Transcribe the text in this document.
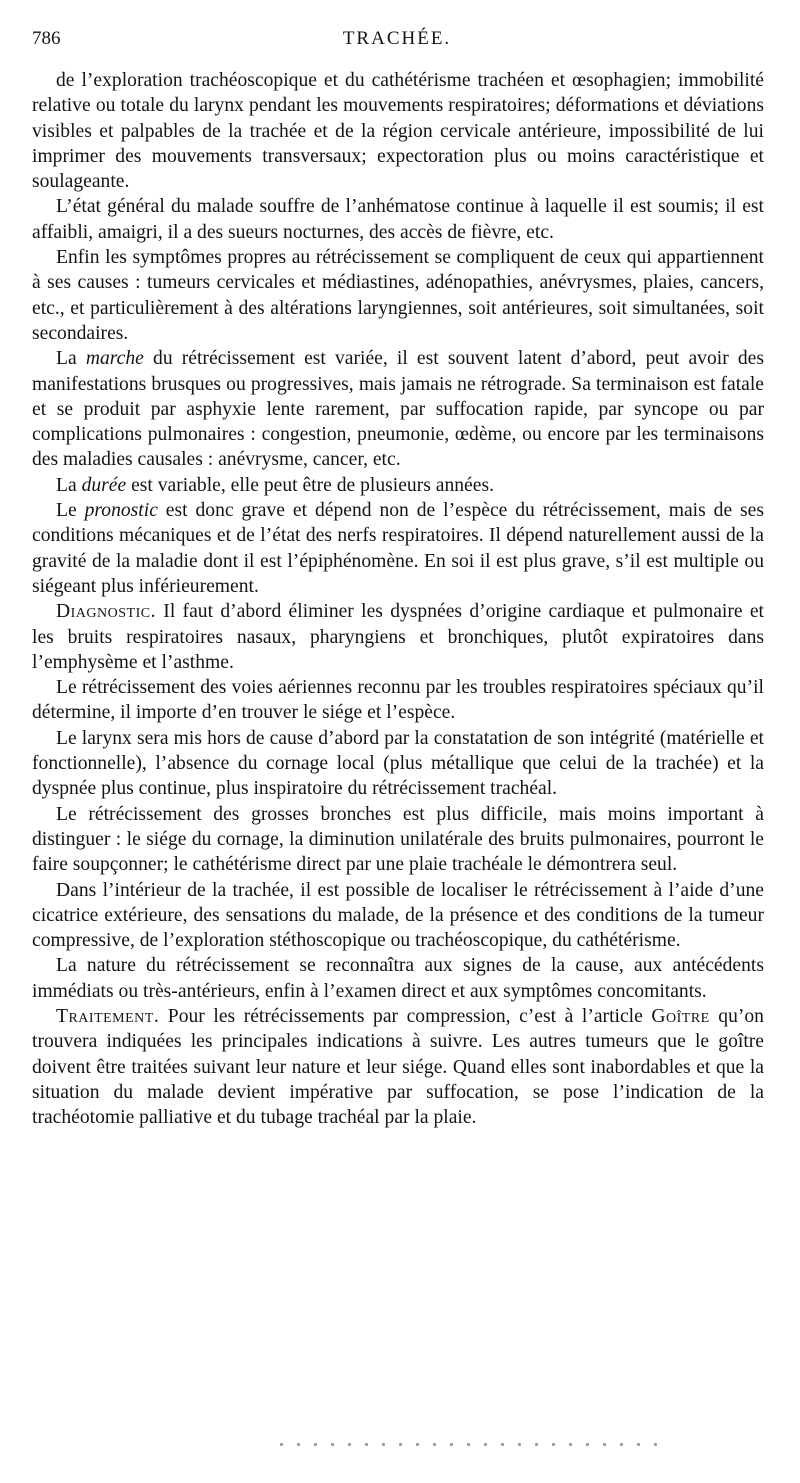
786	TRACHÉE.

de l’exploration trachéoscopique et du cathétérisme trachéen et œsophagien; immobilité relative ou totale du larynx pendant les mouvements respiratoires; déformations et déviations visibles et palpables de la trachée et de la région cervicale antérieure, impossibilité de lui imprimer des mouvements transversaux; expectoration plus ou moins caractéristique et soulageante.

L’état général du malade souffre de l’anhématose continue à laquelle il est soumis; il est affaibli, amaigri, il a des sueurs nocturnes, des accès de fièvre, etc.

Enfin les symptômes propres au rétrécissement se compliquent de ceux qui appartiennent à ses causes : tumeurs cervicales et médiastines, adénopathies, anévrysmes, plaies, cancers, etc., et particulièrement à des altérations laryngiennes, soit antérieures, soit simultanées, soit secondaires.

La marche du rétrécissement est variée, il est souvent latent d’abord, peut avoir des manifestations brusques ou progressives, mais jamais ne rétrograde. Sa terminaison est fatale et se produit par asphyxie lente rarement, par suffocation rapide, par syncope ou par complications pulmonaires : congestion, pneumonie, œdème, ou encore par les terminaisons des maladies causales : anévrysme, cancer, etc.

La durée est variable, elle peut être de plusieurs années.

Le pronostic est donc grave et dépend non de l’espèce du rétrécissement, mais de ses conditions mécaniques et de l’état des nerfs respiratoires. Il dépend naturellement aussi de la gravité de la maladie dont il est l’épiphénomène. En soi il est plus grave, s’il est multiple ou siégeant plus inférieurement.

Diagnostic. Il faut d’abord éliminer les dyspnées d’origine cardiaque et pulmonaire et les bruits respiratoires nasaux, pharyngiens et bronchiques, plutôt expiratoires dans l’emphysème et l’asthme.

Le rétrécissement des voies aériennes reconnu par les troubles respiratoires spéciaux qu’il détermine, il importe d’en trouver le siége et l’espèce.

Le larynx sera mis hors de cause d’abord par la constatation de son intégrité (matérielle et fonctionnelle), l’absence du cornage local (plus métallique que celui de la trachée) et la dyspnée plus continue, plus inspiratoire du rétrécissement trachéal.

Le rétrécissement des grosses bronches est plus difficile, mais moins important à distinguer : le siége du cornage, la diminution unilatérale des bruits pulmonaires, pourront le faire soupçonner; le cathétérisme direct par une plaie trachéale le démontrera seul.

Dans l’intérieur de la trachée, il est possible de localiser le rétrécissement à l’aide d’une cicatrice extérieure, des sensations du malade, de la présence et des conditions de la tumeur compressive, de l’exploration stéthoscopique ou trachéoscopique, du cathétérisme.

La nature du rétrécissement se reconnaîtra aux signes de la cause, aux antécédents immédiats ou très-antérieurs, enfin à l’examen direct et aux symptômes concomitants.

Traitement. Pour les rétrécissements par compression, c’est à l’article Goître qu’on trouvera indiquées les principales indications à suivre. Les autres tumeurs que le goître doivent être traitées suivant leur nature et leur siége. Quand elles sont inabordables et que la situation du malade devient impérative par suffocation, se pose l’indication de la trachéotomie palliative et du tubage trachéal par la plaie.
